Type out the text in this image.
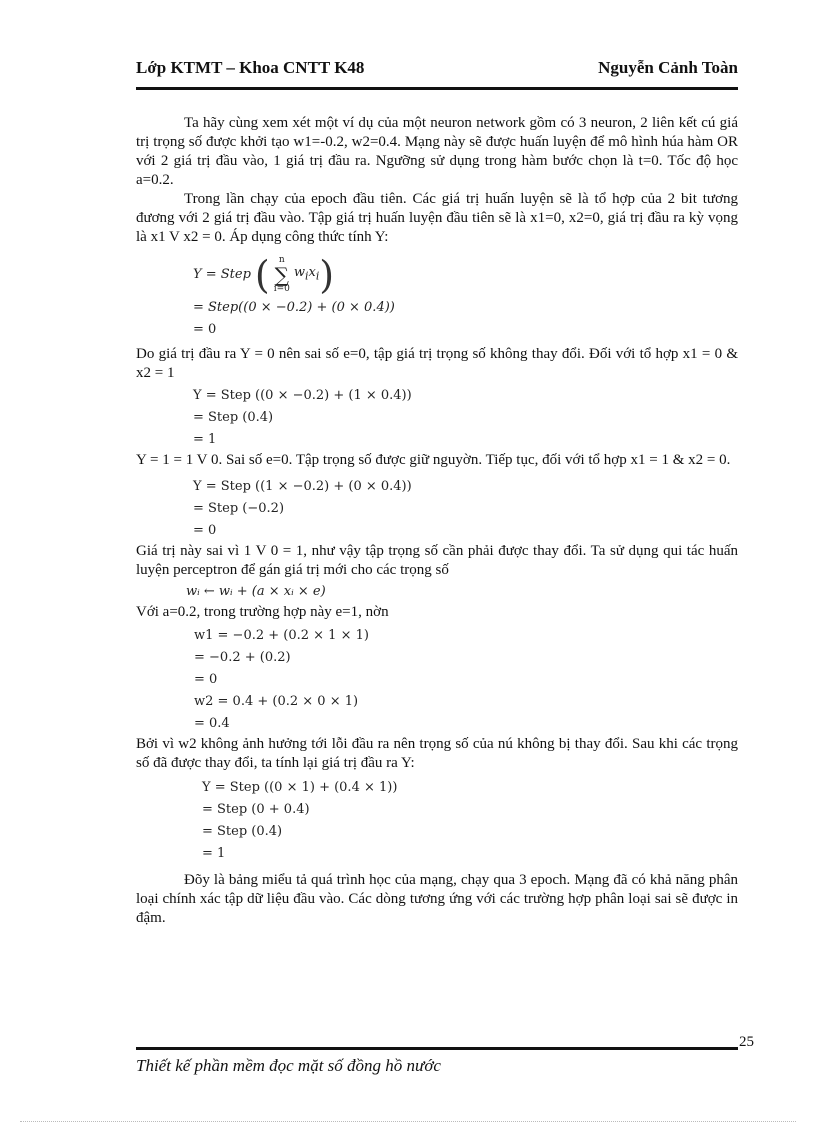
Lớp KTMT – Khoa CNTT K48	Nguyễn Cảnh Toàn

Ta hãy cùng xem xét một ví dụ của một neuron network gồm có 3 neuron, 2 liên kết cú giá trị trọng số được khởi tạo w1=-0.2, w2=0.4. Mạng này sẽ được huấn luyện để mô hình húa hàm OR với 2 giá trị đầu vào, 1 giá trị đầu ra. Ngưỡng sử dụng trong hàm bước chọn là t=0. Tốc độ học a=0.2.

Trong lần chạy của epoch đầu tiên. Các giá trị huấn luyện sẽ là tổ hợp của 2 bit tương đương với 2 giá trị đầu vào. Tập giá trị huấn luyện đầu tiên sẽ là x1=0, x2=0, giá trị đầu ra kỳ vọng là x1 V x2 = 0. Áp dụng công thức tính Y:

Y = Step ( n
∑
i=0
$w_ix_i$ )

= Step((0 × −0.2) + (0 × 0.4))

= 0

Do giá trị đầu ra Y = 0 nên sai số e=0, tập giá trị trọng số không thay đổi. Đối với tổ hợp x1 = 0 & x2 = 1

Y = Step ((0 × −0.2) + (1 × 0.4))

= Step (0.4)

= 1

Y = 1 = 1 V 0. Sai số e=0. Tập trọng số được giữ nguyờn. Tiếp tục, đối với tổ hợp x1 = 1 & x2 = 0.

Y = Step ((1 × −0.2) + (0 × 0.4))

= Step (−0.2)

= 0

Giá trị này sai vì 1 V 0 = 1, như vậy tập trọng số cần phải được thay đổi. Ta sử dụng qui tác huấn luyện perceptron để gán giá trị mới cho các trọng số

wᵢ ← wᵢ + (a × xᵢ × e)

Với a=0.2, trong trường hợp này e=1, nờn

w1 = −0.2 + (0.2 × 1 × 1)

= −0.2 + (0.2)

= 0

w2 = 0.4 + (0.2 × 0 × 1)

= 0.4

Bởi vì w2 không ảnh hưởng tới lỗi đầu ra nên trọng số của nú không bị thay đổi. Sau khi các trọng số đã được thay đổi, ta tính lại giá trị đầu ra Y:

Y = Step ((0 × 1) + (0.4 × 1))

= Step (0 + 0.4)

= Step (0.4)

= 1

Đõy là bảng miểu tả quá trình học của mạng, chạy qua 3 epoch. Mạng đã có khả năng phân loại chính xác tập dữ liệu đầu vào. Các dòng tương ứng với các trường hợp phân loại sai sẽ được in đậm.

25
Thiết kế phần mềm đọc mặt số đồng hồ nước
